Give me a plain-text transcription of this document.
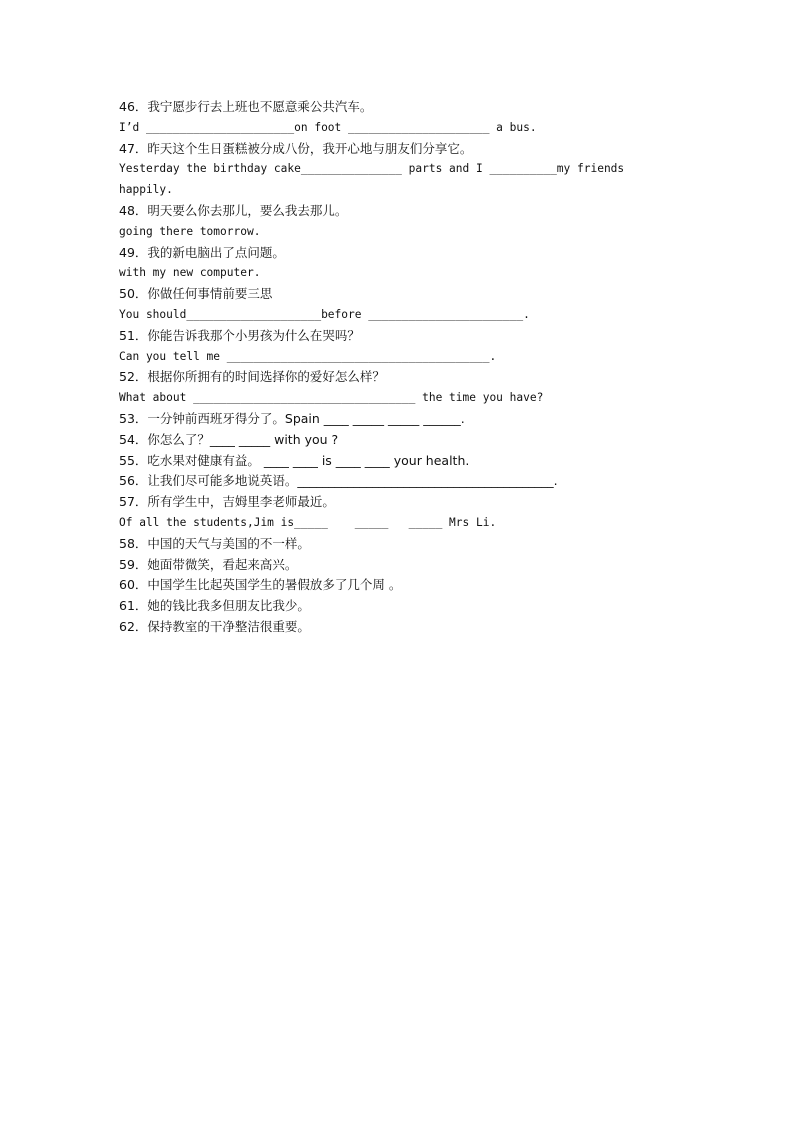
46．我宁愿步行去上班也不愿意乘公共汽车。
I’d ______________________on foot _____________________ a bus.
47．昨天这个生日蛋糕被分成八份，我开心地与朋友们分享它。
Yesterday the birthday cake_______________ parts and I __________my friends
happily.
48．明天要么你去那儿，要么我去那儿。
going there tomorrow.
49．我的新电脑出了点问题。
with my new computer.
50．你做任何事情前要三思
You should____________________before _______________________.
51．你能告诉我那个小男孩为什么在哭吗？
Can you tell me _______________________________________.
52．根据你所拥有的时间选择你的爱好怎么样？
What about _________________________________ the time you have?
53．一分钟前西班牙得分了。Spain ____ _____ _____ ______.
54．你怎么了？____ _____ with you ?
55．吃水果对健康有益。 ____ ____ is ____ ____ your health.
56．让我们尽可能多地说英语。_________________________________________.
57．所有学生中，吉姆里李老师最近。
Of all the students,Jim is_____    _____   _____ Mrs Li.
58．中国的天气与美国的不一样。
59．她面带微笑，看起来高兴。
60．中国学生比起英国学生的暑假放多了几个周 。
61．她的钱比我多但朋友比我少。
62．保持教室的干净整洁很重要。
